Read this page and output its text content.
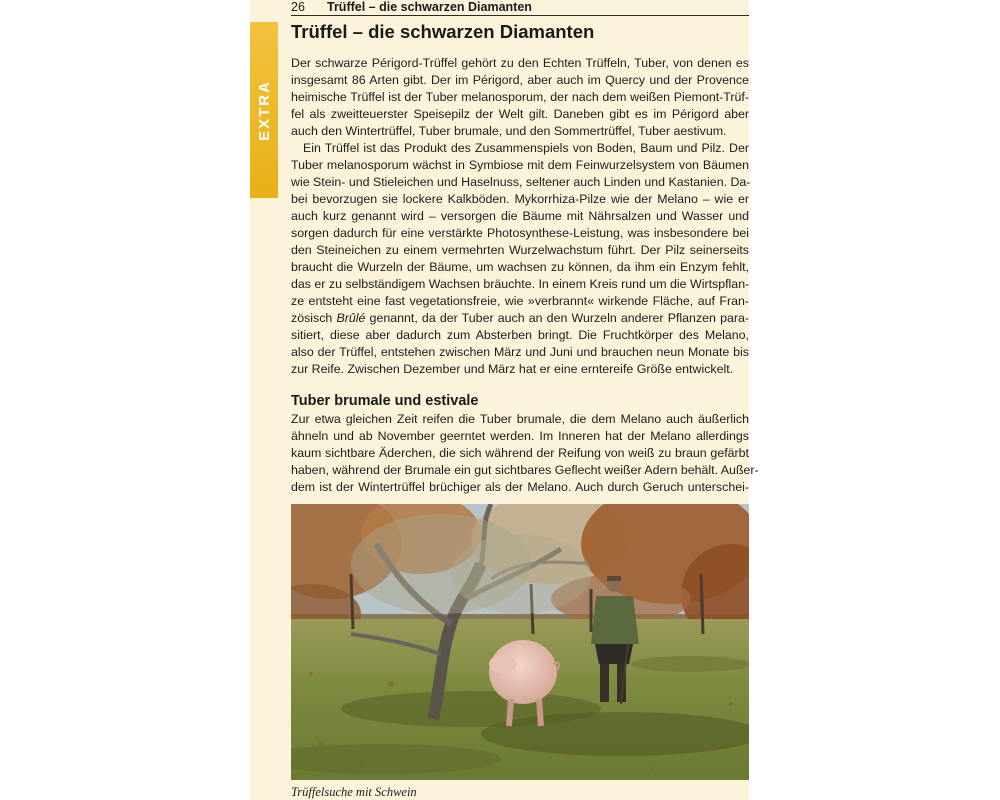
EXTRA
26 Trüffel – die schwarzen Diamanten
Trüffel – die schwarzen Diamanten
Der schwarze Périgord-Trüffel gehört zu den Echten Trüffeln, Tuber, von denen es
insgesamt 86 Arten gibt. Der im Périgord, aber auch im Quercy und der Provence
heimische Trüffel ist der Tuber melanosporum, der nach dem weißen Piemont-Trüf-
fel als zweitteuerster Speisepilz der Welt gilt. Daneben gibt es im Périgord aber
auch den Wintertrüffel, Tuber brumale, und den Sommertrüffel, Tuber aestivum.
Ein Trüffel ist das Produkt des Zusammenspiels von Boden, Baum und Pilz. Der
Tuber melanosporum wächst in Symbiose mit dem Feinwurzelsystem von Bäumen
wie Stein- und Stieleichen und Haselnuss, seltener auch Linden und Kastanien. Da-
bei bevorzugen sie lockere Kalkböden. Mykorrhiza-Pilze wie der Melano – wie er
auch kurz genannt wird – versorgen die Bäume mit Nährsalzen und Wasser und
sorgen dadurch für eine verstärkte Photosynthese-Leistung, was insbesondere bei
den Steineichen zu einem vermehrten Wurzelwachstum führt. Der Pilz seinerseits
braucht die Wurzeln der Bäume, um wachsen zu können, da ihm ein Enzym fehlt,
das er zu selbständigem Wachsen bräuchte. In einem Kreis rund um die Wirtspflan-
ze entsteht eine fast vegetationsfreie, wie »verbrannt« wirkende Fläche, auf Fran-
zösisch Brûlé genannt, da der Tuber auch an den Wurzeln anderer Pflanzen para-
sitiert, diese aber dadurch zum Absterben bringt. Die Fruchtkörper des Melano,
also der Trüffel, entstehen zwischen März und Juni und brauchen neun Monate bis
zur Reife. Zwischen Dezember und März hat er eine erntereife Größe entwickelt.
Tuber brumale und estivale
Zur etwa gleichen Zeit reifen die Tuber brumale, die dem Melano auch äußerlich
ähneln und ab November geerntet werden. Im Inneren hat der Melano allerdings
kaum sichtbare Äderchen, die sich während der Reifung von weiß zu braun gefärbt
haben, während der Brumale ein gut sichtbares Geflecht weißer Adern behält. Außer-
dem ist der Wintertrüffel brüchiger als der Melano. Auch durch Geruch unterschei-
Trüffelsuche mit Schwein
